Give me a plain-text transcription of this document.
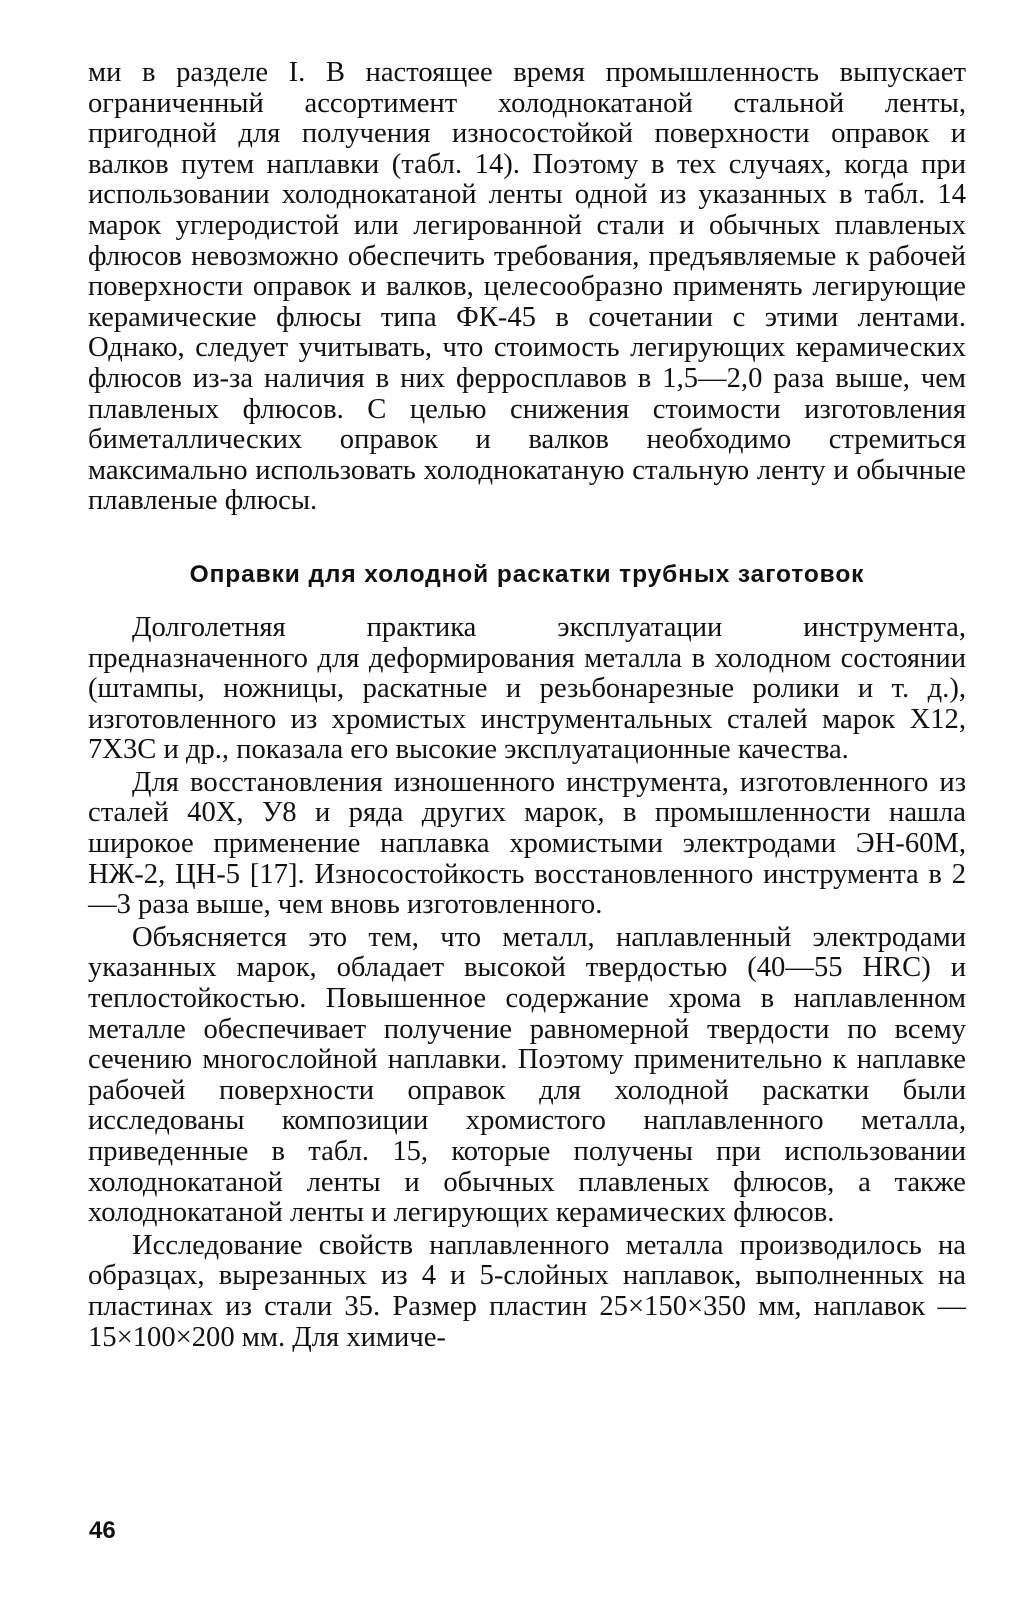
ми в разделе I. В настоящее время промышленность выпускает ограниченный ассортимент холоднокатаной стальной ленты, пригодной для получения износостойкой поверхности оправок и валков путем наплавки (табл. 14). Поэтому в тех случаях, когда при использовании холоднокатаной ленты одной из указанных в табл. 14 марок углеродистой или легированной стали и обычных плавленых флюсов невозможно обеспечить требования, предъявляемые к рабочей поверхности оправок и валков, целесообразно применять легирующие керамические флюсы типа ФК-45 в сочетании с этими лентами. Однако, следует учитывать, что стоимость легирующих керамических флюсов из-за наличия в них ферросплавов в 1,5—2,0 раза выше, чем плавленых флюсов. С целью снижения стоимости изготовления биметаллических оправок и валков необходимо стремиться максимально использовать холоднокатаную стальную ленту и обычные плавленые флюсы.

Оправки для холодной раскатки трубных заготовок

Долголетняя практика эксплуатации инструмента, предназначенного для деформирования металла в холодном состоянии (штампы, ножницы, раскатные и резьбонарезные ролики и т. д.), изготовленного из хромистых инструментальных сталей марок Х12, 7Х3С и др., показала его высокие эксплуатационные качества.

Для восстановления изношенного инструмента, изготовленного из сталей 40Х, У8 и ряда других марок, в промышленности нашла широкое применение наплавка хромистыми электродами ЭН-60М, НЖ-2, ЦН-5 [17]. Износостойкость восстановленного инструмента в 2—3 раза выше, чем вновь изготовленного.

Объясняется это тем, что металл, наплавленный электродами указанных марок, обладает высокой твердостью (40—55 HRC) и теплостойкостью. Повышенное содержание хрома в наплавленном металле обеспечивает получение равномерной твердости по всему сечению многослойной наплавки. Поэтому применительно к наплавке рабочей поверхности оправок для холодной раскатки были исследованы композиции хромистого наплавленного металла, приведенные в табл. 15, которые получены при использовании холоднокатаной ленты и обычных плавленых флюсов, а также холоднокатаной ленты и легирующих керамических флюсов.

Исследование свойств наплавленного металла производилось на образцах, вырезанных из 4 и 5-слойных наплавок, выполненных на пластинах из стали 35. Размер пластин 25×150×350 мм, наплавок — 15×100×200 мм. Для химиче-

46
